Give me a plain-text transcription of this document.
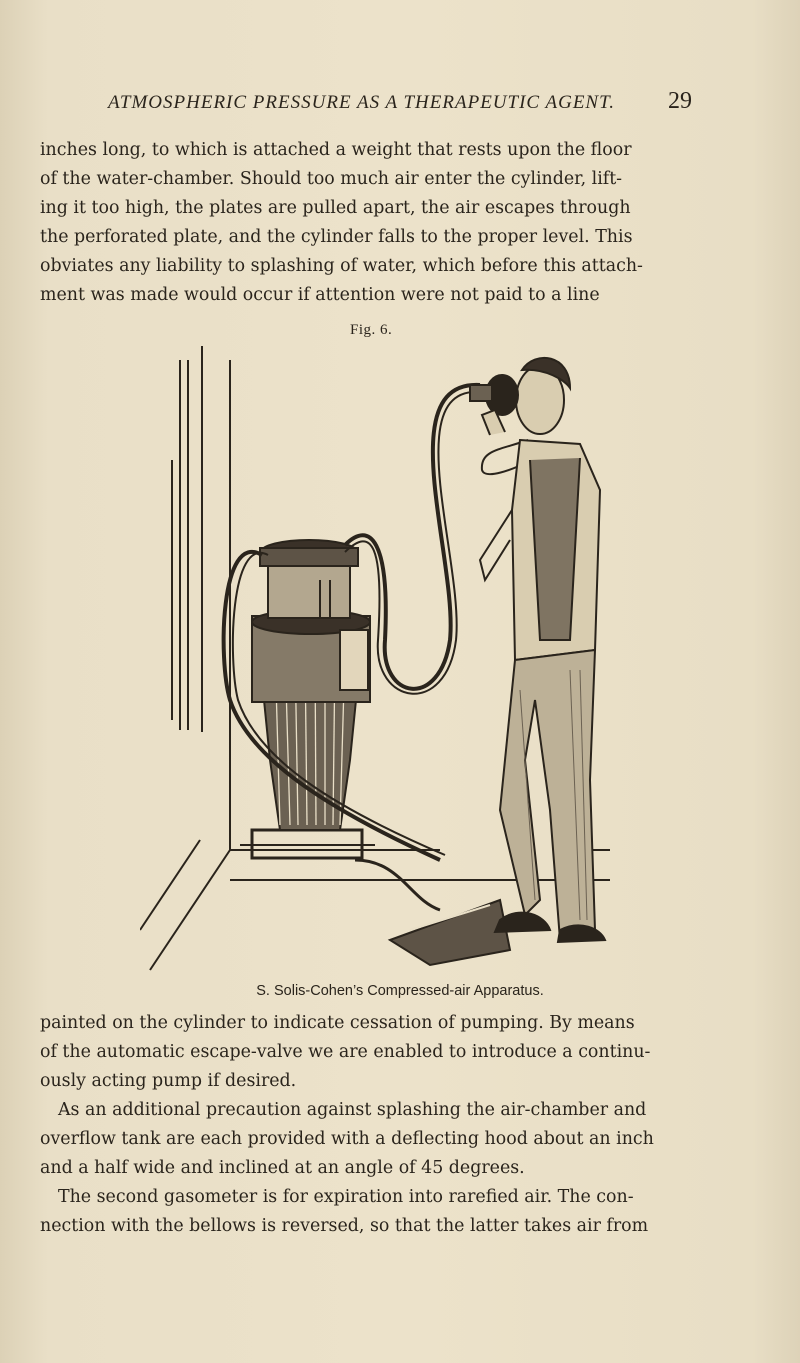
ATMOSPHERIC PRESSURE AS A THERAPEUTIC AGENT.	29

inches long, to which is attached a weight that rests upon the floor
of the water-chamber. Should too much air enter the cylinder, lift-
ing it too high, the plates are pulled apart, the air escapes through
the perforated plate, and the cylinder falls to the proper level. This
obviates any liability to splashing of water, which before this attach-
ment was made would occur if attention were not paid to a line

Fig. 6.
S. Solis-Cohen’s Compressed-air Apparatus.

painted on the cylinder to indicate cessation of pumping. By means
of the automatic escape-valve we are enabled to introduce a continu-
ously acting pump if desired.

As an additional precaution against splashing the air-chamber and
overflow tank are each provided with a deflecting hood about an inch
and a half wide and inclined at an angle of 45 degrees.

The second gasometer is for expiration into rarefied air. The con-
nection with the bellows is reversed, so that the latter takes air from
